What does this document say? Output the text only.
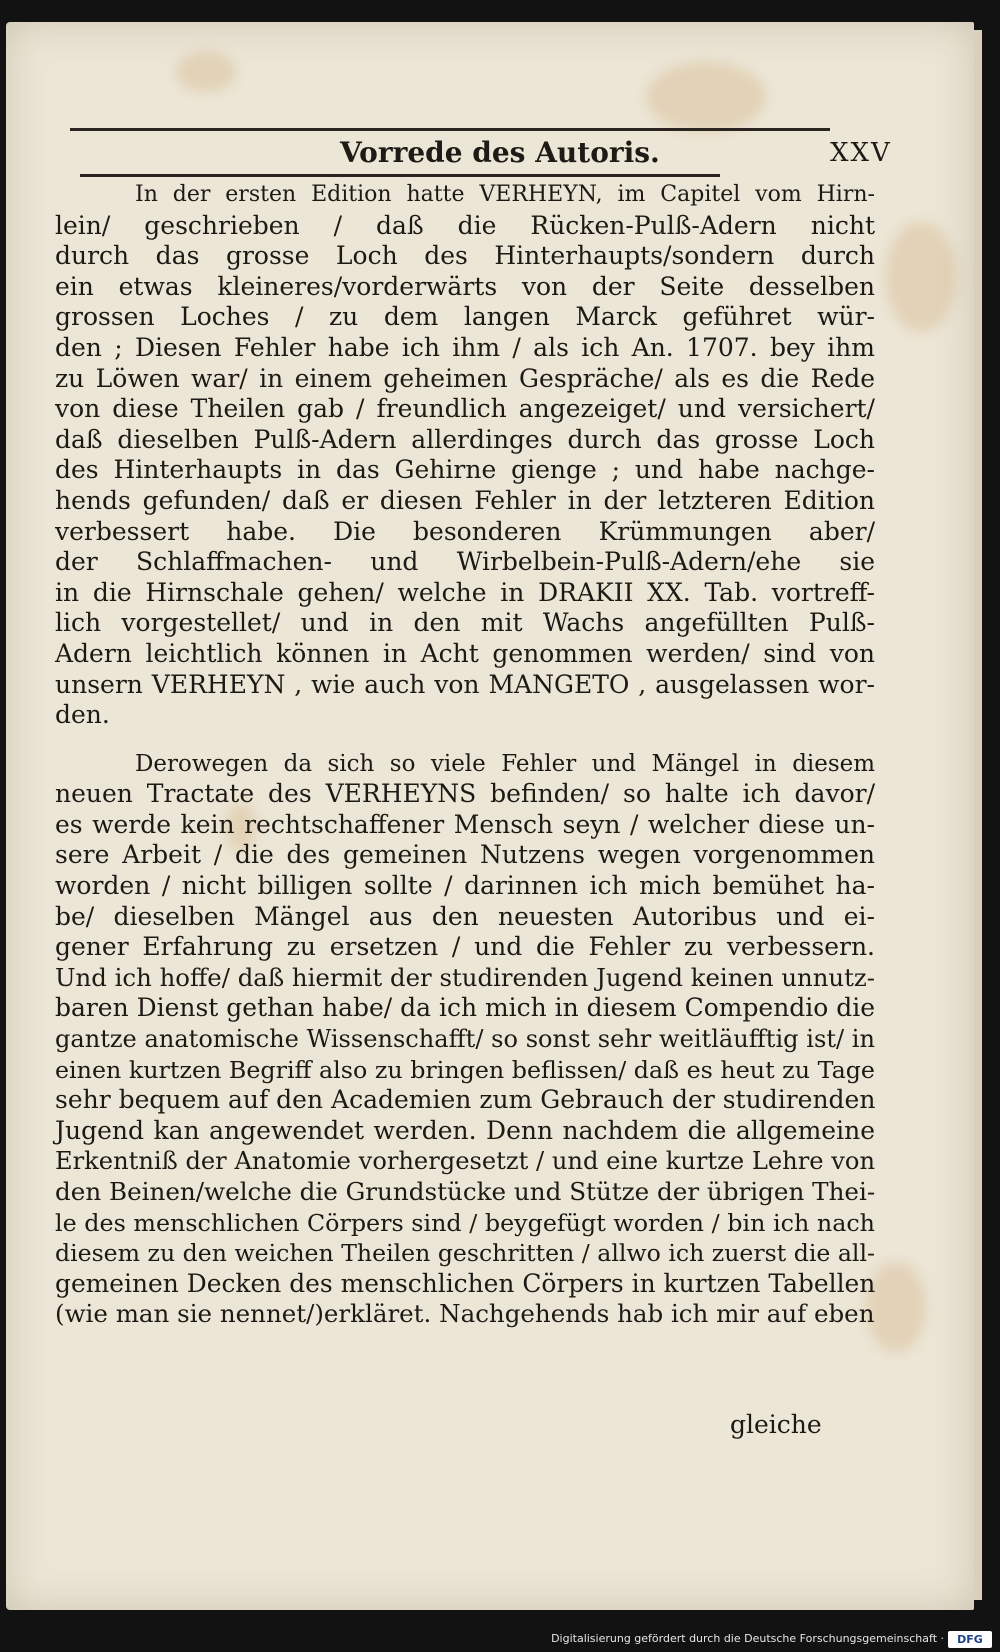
Vorrede des Autoris.	XXV
In der ersten Edition hatte VERHEYN, im Capitel vom Hirn-
lein/ geschrieben / daß die Rücken-Pulß-Adern nicht
durch das grosse Loch des Hinterhaupts/sondern durch
ein etwas kleineres/vorderwärts von der Seite desselben
grossen Loches / zu dem langen Marck geführet wür-
den ; Diesen Fehler habe ich ihm / als ich An. 1707. bey ihm
zu Löwen war/ in einem geheimen Gespräche/ als es die Rede
von diese Theilen gab / freundlich angezeiget/ und versichert/
daß dieselben Pulß-Adern allerdinges durch das grosse Loch
des Hinterhaupts in das Gehirne gienge ; und habe nachge-
hends gefunden/ daß er diesen Fehler in der letzteren Edition
verbessert habe. Die besonderen Krümmungen aber/
der Schlaffmachen- und Wirbelbein-Pulß-Adern/ehe sie
in die Hirnschale gehen/ welche in DRAKII XX. Tab. vortreff-
lich vorgestellet/ und in den mit Wachs angefüllten Pulß-
Adern leichtlich können in Acht genommen werden/ sind von
unsern VERHEYN , wie auch von MANGETO , ausgelassen wor-
den.
Derowegen da sich so viele Fehler und Mängel in diesem
neuen Tractate des VERHEYNS befinden/ so halte ich davor/
es werde kein rechtschaffener Mensch seyn / welcher diese un-
sere Arbeit / die des gemeinen Nutzens wegen vorgenommen
worden / nicht billigen sollte / darinnen ich mich bemühet ha-
be/ dieselben Mängel aus den neuesten Autoribus und ei-
gener Erfahrung zu ersetzen / und die Fehler zu verbessern.
Und ich hoffe/ daß hiermit der studirenden Jugend keinen unnutz-
baren Dienst gethan habe/ da ich mich in diesem Compendio die
gantze anatomische Wissenschafft/ so sonst sehr weitläufftig ist/ in
einen kurtzen Begriff also zu bringen beflissen/ daß es heut zu Tage
sehr bequem auf den Academien zum Gebrauch der studirenden
Jugend kan angewendet werden. Denn nachdem die allgemeine
Erkentniß der Anatomie vorhergesetzt / und eine kurtze Lehre von
den Beinen/welche die Grundstücke und Stütze der übrigen Thei-
le des menschlichen Cörpers sind / beygefügt worden / bin ich nach
diesem zu den weichen Theilen geschritten / allwo ich zuerst die all-
gemeinen Decken des menschlichen Cörpers in kurtzen Tabellen
(wie man sie nennet/)erkläret. Nachgehends hab ich mir auf eben
gleiche
Digitalisierung gefördert durch die Deutsche Forschungsgemeinschaft ·	DFG
